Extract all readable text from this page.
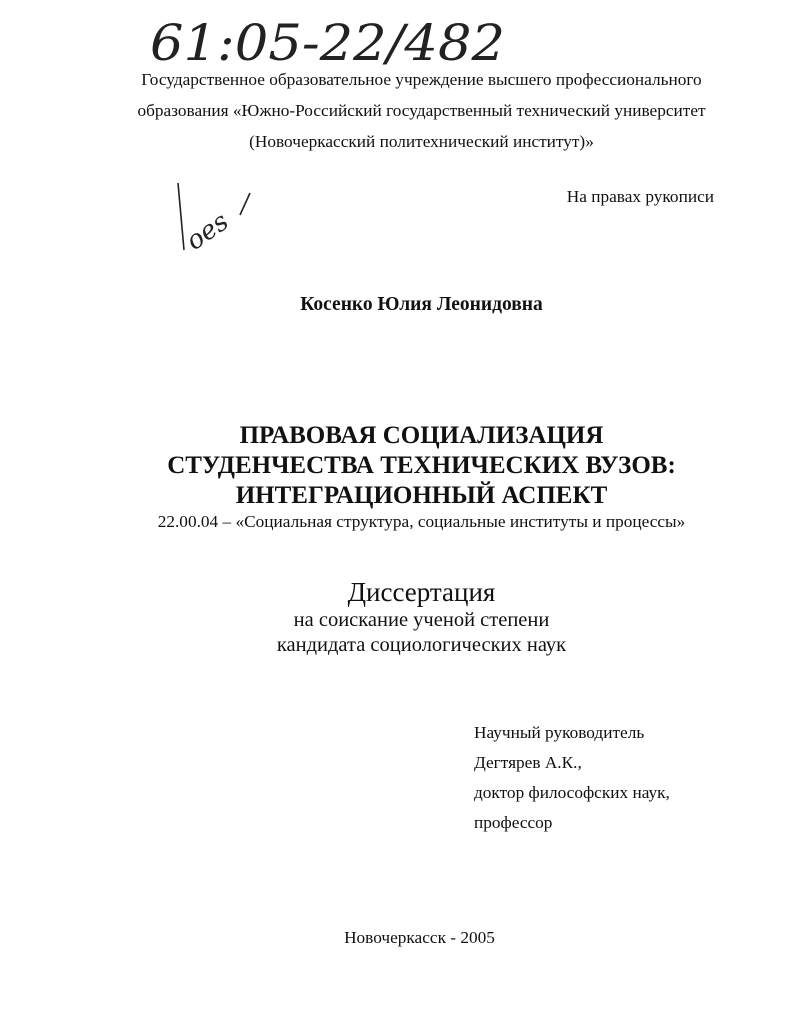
61:05-22/482
Государственное образовательное учреждение высшего профессионального
образования «Южно-Российский государственный технический университет
(Новочеркасский политехнический институт)»
oes
На правах рукописи
Косенко Юлия Леонидовна
ПРАВОВАЯ СОЦИАЛИЗАЦИЯ
СТУДЕНЧЕСТВА ТЕХНИЧЕСКИХ ВУЗОВ:
ИНТЕГРАЦИОННЫЙ АСПЕКТ
22.00.04 – «Социальная структура, социальные институты и процессы»
Диссертация
на соискание ученой степени
кандидата социологических наук
Научный руководитель
Дегтярев А.К.,
доктор философских наук,
профессор
Новочеркасск - 2005
